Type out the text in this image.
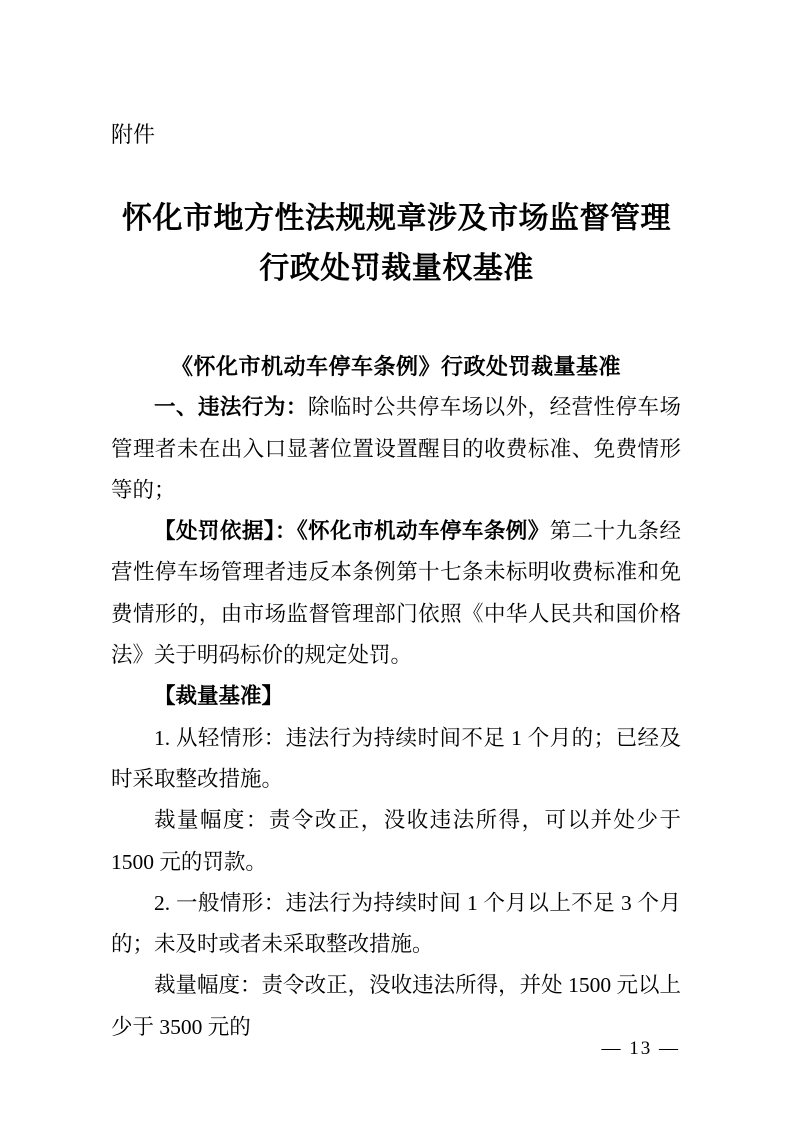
附件
怀化市地方性法规规章涉及市场监督管理
行政处罚裁量权基准
《怀化市机动车停车条例》行政处罚裁量基准

一、违法行为：除临时公共停车场以外，经营性停车场管理者未在出入口显著位置设置醒目的收费标准、免费情形等的；

【处罚依据】：《怀化市机动车停车条例》第二十九条经营性停车场管理者违反本条例第十七条未标明收费标准和免费情形的，由市场监督管理部门依照《中华人民共和国价格法》关于明码标价的规定处罚。

【裁量基准】

1. 从轻情形：违法行为持续时间不足 1 个月的；已经及时采取整改措施。

裁量幅度：责令改正，没收违法所得，可以并处少于 1500 元的罚款。

2. 一般情形：违法行为持续时间 1 个月以上不足 3 个月的；未及时或者未采取整改措施。

裁量幅度：责令改正，没收违法所得，并处 1500 元以上少于 3500 元的

— 13 —
